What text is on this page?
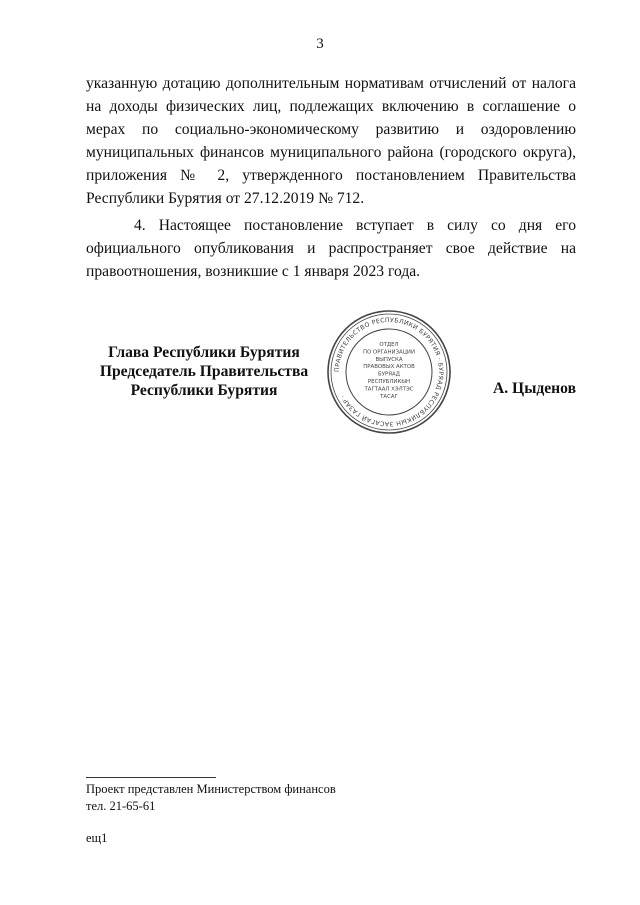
3

указанную дотацию дополнительным нормативам отчислений от налога на доходы физических лиц, подлежащих включению в соглашение о мерах по социально-экономическому развитию и оздоровлению муниципальных финансов муниципального района (городского округа), приложения № 2, утвержденного постановлением Правительства Республики Бурятия от 27.12.2019 № 712.

4. Настоящее постановление вступает в силу со дня его официального опубликования и распространяет свое действие на правоотношения, возникшие с 1 января 2023 года.

Глава Республики Бурятия
Председатель Правительства
Республики Бурятия
ПРАВИТЕЛЬСТВО РЕСПУБЛИКИ БУРЯТИЯ · БУРЯАД РЕСПУБЛИКЫН ЗАСАГАЙ ГАЗАР ·
ОТДЕЛ
ПО ОРГАНИЗАЦИИ
ВЫПУСКА
ПРАВОВЫХ АКТОВ
БУРЯАД
РЕСПУБЛИКЫН
ТАГТААЛ ХЭЛТЭС
ТАСАГ	А. Цыденов
Проект представлен Министерством финансов
тел. 21-65-61
ещ1
